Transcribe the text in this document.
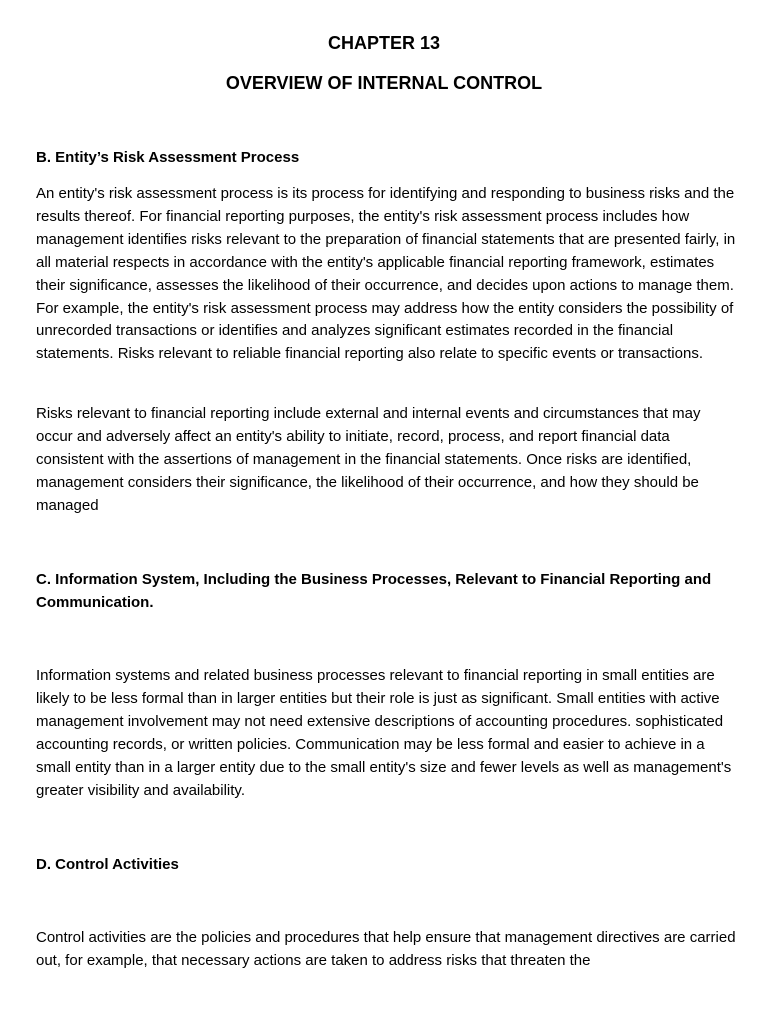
CHAPTER 13
OVERVIEW OF INTERNAL CONTROL
B. Entity’s Risk Assessment Process

An entity's risk assessment process is its process for identifying and responding to business risks and the results thereof. For financial reporting purposes, the entity's risk assessment process includes how management identifies risks relevant to the preparation of financial statements that are presented fairly, in all material respects in accordance with the entity's applicable financial reporting framework, estimates their significance, assesses the likelihood of their occurrence, and decides upon actions to manage them. For example, the entity's risk assessment process may address how the entity considers the possibility of unrecorded transactions or identifies and analyzes significant estimates recorded in the financial statements. Risks relevant to reliable financial reporting also relate to specific events or transactions.

Risks relevant to financial reporting include external and internal events and circumstances that may occur and adversely affect an entity's ability to initiate, record, process, and report financial data consistent with the assertions of management in the financial statements. Once risks are identified, management considers their significance, the likelihood of their occurrence, and how they should be managed

C. Information System, Including the Business Processes, Relevant to Financial Reporting and Communication.

Information systems and related business processes relevant to financial reporting in small entities are likely to be less formal than in larger entities but their role is just as significant. Small entities with active management involvement may not need extensive descriptions of accounting procedures. sophisticated accounting records, or written policies. Communication may be less formal and easier to achieve in a small entity than in a larger entity due to the small entity's size and fewer levels as well as management's greater visibility and availability.

D. Control Activities

Control activities are the policies and procedures that help ensure that management directives are carried out, for example, that necessary actions are taken to address risks that threaten the
